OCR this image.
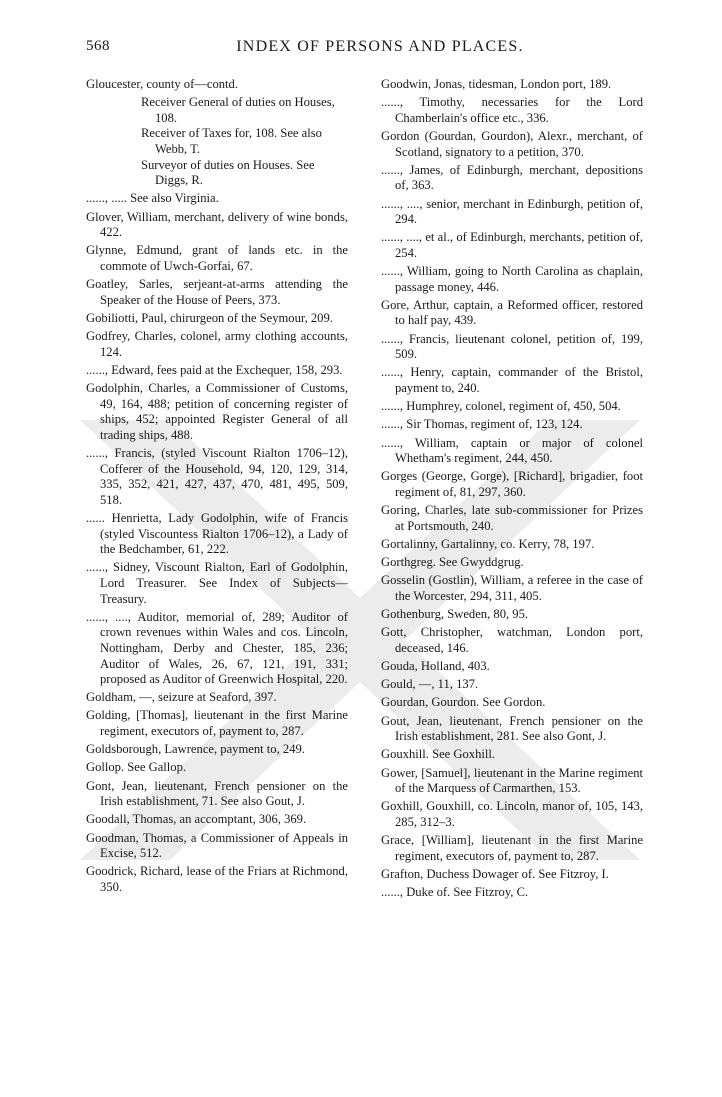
568	INDEX OF PERSONS AND PLACES.
Gloucester, county of—contd.
Receiver General of duties on Houses, 108.
Receiver of Taxes for, 108. See also Webb, T.
Surveyor of duties on Houses. See Diggs, R.
......, ..... See also Virginia.
Glover, William, merchant, delivery of wine bonds, 422.
Glynne, Edmund, grant of lands etc. in the commote of Uwch-Gorfai, 67.
Goatley, Sarles, serjeant-at-arms attending the Speaker of the House of Peers, 373.
Gobiliotti, Paul, chirurgeon of the Seymour, 209.
Godfrey, Charles, colonel, army clothing accounts, 124.
......, Edward, fees paid at the Exchequer, 158, 293.
Godolphin, Charles, a Commissioner of Customs, 49, 164, 488; petition of concerning register of ships, 452; appointed Register General of all trading ships, 488.
......, Francis, (styled Viscount Rialton 1706–12), Cofferer of the Household, 94, 120, 129, 314, 335, 352, 421, 427, 437, 470, 481, 495, 509, 518.
...... Henrietta, Lady Godolphin, wife of Francis (styled Viscountess Rialton 1706–12), a Lady of the Bedchamber, 61, 222.
......, Sidney, Viscount Rialton, Earl of Godolphin, Lord Treasurer. See Index of Subjects—Treasury.
......, ...., Auditor, memorial of, 289; Auditor of crown revenues within Wales and cos. Lincoln, Nottingham, Derby and Chester, 185, 236; Auditor of Wales, 26, 67, 121, 191, 331; proposed as Auditor of Greenwich Hospital, 220.
Goldham, —, seizure at Seaford, 397.
Golding, [Thomas], lieutenant in the first Marine regiment, executors of, payment to, 287.
Goldsborough, Lawrence, payment to, 249.
Gollop. See Gallop.
Gont, Jean, lieutenant, French pensioner on the Irish establishment, 71. See also Gout, J.
Goodall, Thomas, an accomptant, 306, 369.
Goodman, Thomas, a Commissioner of Appeals in Excise, 512.
Goodrick, Richard, lease of the Friars at Richmond, 350.
Goodwin, Jonas, tidesman, London port, 189.
......, Timothy, necessaries for the Lord Chamberlain's office etc., 336.
Gordon (Gourdan, Gourdon), Alexr., merchant, of Scotland, signatory to a petition, 370.
......, James, of Edinburgh, merchant, depositions of, 363.
......, ...., senior, merchant in Edinburgh, petition of, 294.
......, ...., et al., of Edinburgh, merchants, petition of, 254.
......, William, going to North Carolina as chaplain, passage money, 446.
Gore, Arthur, captain, a Reformed officer, restored to half pay, 439.
......, Francis, lieutenant colonel, petition of, 199, 509.
......, Henry, captain, commander of the Bristol, payment to, 240.
......, Humphrey, colonel, regiment of, 450, 504.
......, Sir Thomas, regiment of, 123, 124.
......, William, captain or major of colonel Whetham's regiment, 244, 450.
Gorges (George, Gorge), [Richard], brigadier, foot regiment of, 81, 297, 360.
Goring, Charles, late sub-commissioner for Prizes at Portsmouth, 240.
Gortalinny, Gartalinny, co. Kerry, 78, 197.
Gorthgreg. See Gwyddgrug.
Gosselin (Gostlin), William, a referee in the case of the Worcester, 294, 311, 405.
Gothenburg, Sweden, 80, 95.
Gott, Christopher, watchman, London port, deceased, 146.
Gouda, Holland, 403.
Gould, —, 11, 137.
Gourdan, Gourdon. See Gordon.
Gout, Jean, lieutenant, French pensioner on the Irish establishment, 281. See also Gont, J.
Gouxhill. See Goxhill.
Gower, [Samuel], lieutenant in the Marine regiment of the Marquess of Carmarthen, 153.
Goxhill, Gouxhill, co. Lincoln, manor of, 105, 143, 285, 312–3.
Grace, [William], lieutenant in the first Marine regiment, executors of, payment to, 287.
Grafton, Duchess Dowager of. See Fitzroy, I.
......, Duke of. See Fitzroy, C.
